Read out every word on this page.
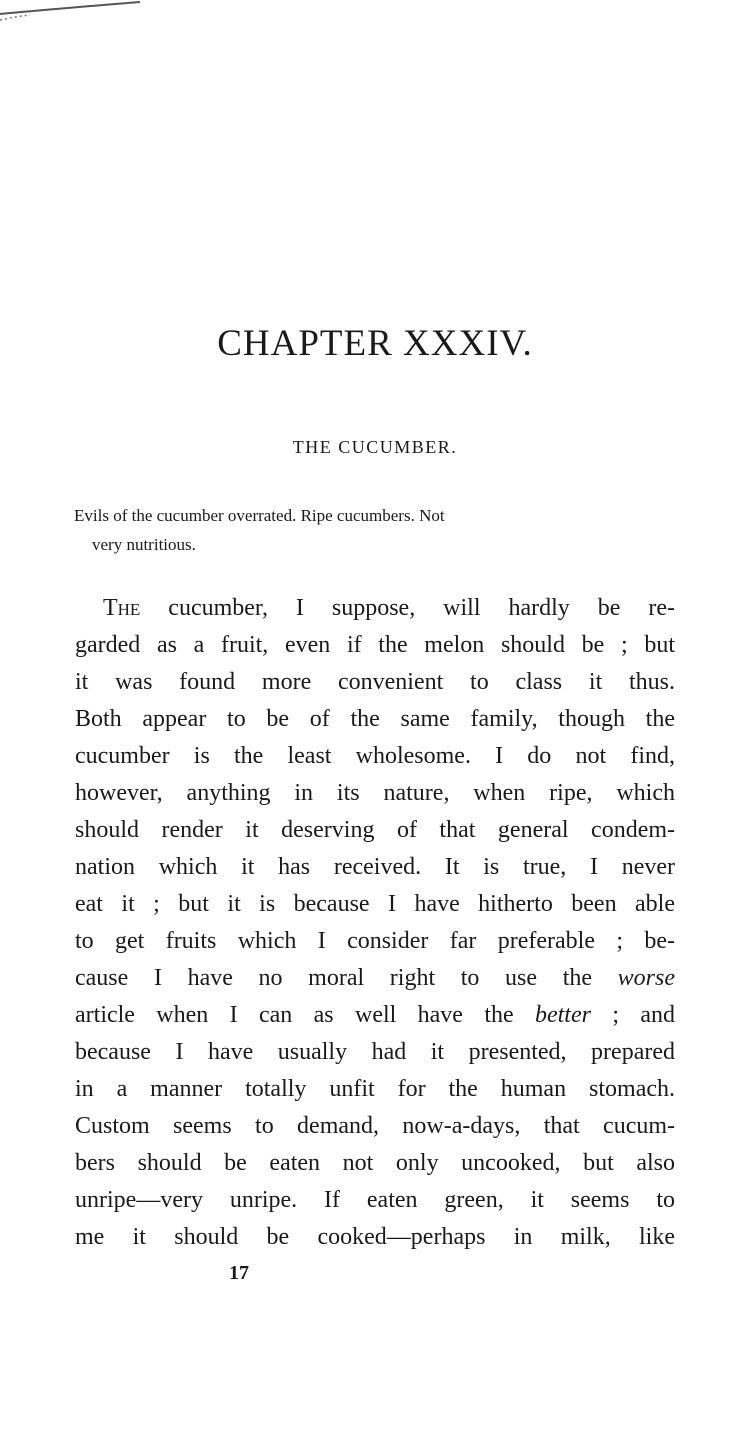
CHAPTER XXXIV.
THE CUCUMBER.
Evils of the cucumber overrated. Ripe cucumbers. Not
very nutritious.
The cucumber, I suppose, will hardly be re-
garded as a fruit, even if the melon should be ; but
it was found more convenient to class it thus.
Both appear to be of the same family, though the
cucumber is the least wholesome. I do not find,
however, anything in its nature, when ripe, which
should render it deserving of that general condem-
nation which it has received. It is true, I never
eat it ; but it is because I have hitherto been able
to get fruits which I consider far preferable ; be-
cause I have no moral right to use the worse
article when I can as well have the better ; and
because I have usually had it presented, prepared
in a manner totally unfit for the human stomach.
Custom seems to demand, now-a-days, that cucum-
bers should be eaten not only uncooked, but also
unripe—very unripe. If eaten green, it seems to
me it should be cooked—perhaps in milk, like
17
